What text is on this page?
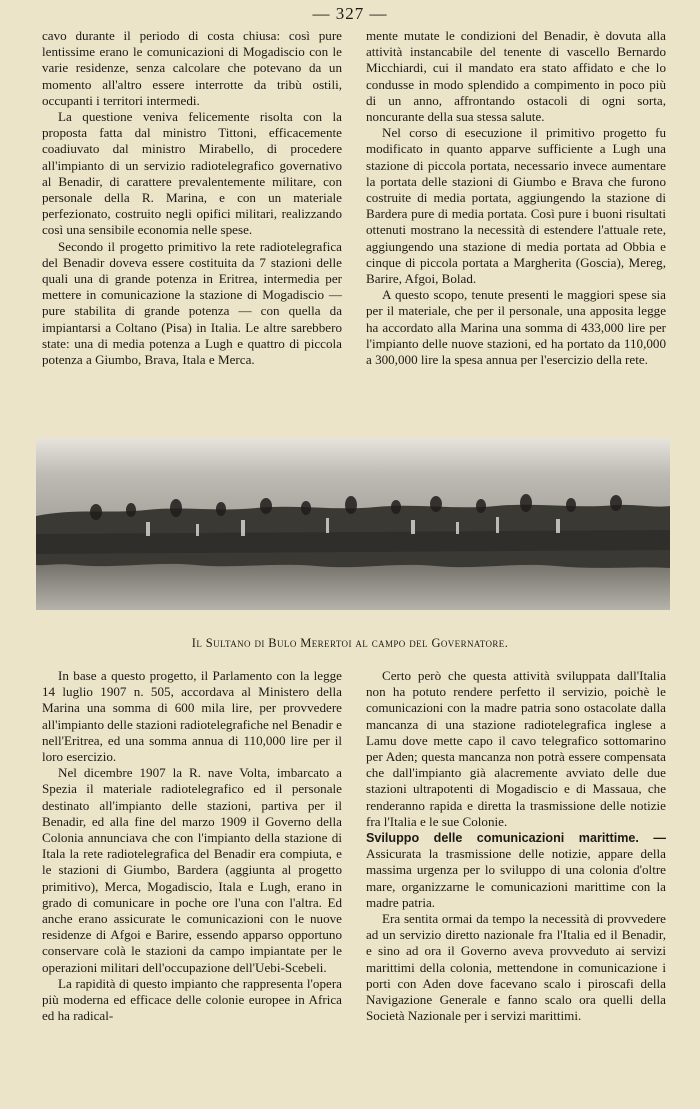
— 327 —

cavo durante il periodo di costa chiusa: così pure lentissime erano le comunicazioni di Mogadiscio con le varie residenze, senza calcolare che potevano da un momento all'altro essere interrotte da tribù ostili, occupanti i territori intermedi.

La questione veniva felicemente risolta con la proposta fatta dal ministro Tittoni, efficacemente coadiuvato dal ministro Mirabello, di procedere all'impianto di un servizio radiotelegrafico governativo al Benadir, di carattere prevalentemente militare, con personale della R. Marina, e con un materiale perfezionato, costruito negli opifici militari, realizzando così una sensibile economia nelle spese.

Secondo il progetto primitivo la rete radiotelegrafica del Benadir doveva essere costituita da 7 stazioni delle quali una di grande potenza in Eritrea, intermedia per mettere in comunicazione la stazione di Mogadiscio — pure stabilita di grande potenza — con quella da impiantarsi a Coltano (Pisa) in Italia. Le altre sarebbero state: una di media potenza a Lugh e quattro di piccola potenza a Giumbo, Brava, Itala e Merca.

mente mutate le condizioni del Benadir, è dovuta alla attività instancabile del tenente di vascello Bernardo Micchiardi, cui il mandato era stato affidato e che lo condusse in modo splendido a compimento in poco più di un anno, affrontando ostacoli di ogni sorta, noncurante della sua stessa salute.

Nel corso di esecuzione il primitivo progetto fu modificato in quanto apparve sufficiente a Lugh una stazione di piccola portata, necessario invece aumentare la portata delle stazioni di Giumbo e Brava che furono costruite di media portata, aggiungendo la stazione di Bardera pure di media portata. Così pure i buoni risultati ottenuti mostrano la necessità di estendere l'attuale rete, aggiungendo una stazione di media portata ad Obbia e cinque di piccola portata a Margherita (Goscia), Mereg, Barire, Afgoi, Bolad.

A questo scopo, tenute presenti le maggiori spese sia per il materiale, che per il personale, una apposita legge ha accordato alla Marina una somma di 433,000 lire per l'impianto delle nuove stazioni, ed ha portato da 110,000 a 300,000 lire la spesa annua per l'esercizio della rete.

Il Sultano di Bulo Merertoi al campo del Governatore.

In base a questo progetto, il Parlamento con la legge 14 luglio 1907 n. 505, accordava al Ministero della Marina una somma di 600 mila lire, per provvedere all'impianto delle stazioni radiotelegrafiche nel Benadir e nell'Eritrea, ed una somma annua di 110,000 lire per il loro esercizio.

Nel dicembre 1907 la R. nave Volta, imbarcato a Spezia il materiale radiotelegrafico ed il personale destinato all'impianto delle stazioni, partiva per il Benadir, ed alla fine del marzo 1909 il Governo della Colonia annunciava che con l'impianto della stazione di Itala la rete radiotelegrafica del Benadir era compiuta, e le stazioni di Giumbo, Bardera (aggiunta al progetto primitivo), Merca, Mogadiscio, Itala e Lugh, erano in grado di comunicare in poche ore l'una con l'altra. Ed anche erano assicurate le comunicazioni con le nuove residenze di Afgoi e Barire, essendo apparso opportuno conservare colà le stazioni da campo impiantate per le operazioni militari dell'occupazione dell'Uebi-Scebeli.

La rapidità di questo impianto che rappresenta l'opera più moderna ed efficace delle colonie europee in Africa ed ha radical-

Certo però che questa attività sviluppata dall'Italia non ha potuto rendere perfetto il servizio, poichè le comunicazioni con la madre patria sono ostacolate dalla mancanza di una stazione radiotelegrafica inglese a Lamu dove mette capo il cavo telegrafico sottomarino per Aden; questa mancanza non potrà essere compensata che dall'impianto già alacremente avviato delle due stazioni ultrapotenti di Mogadiscio e di Massaua, che renderanno rapida e diretta la trasmissione delle notizie fra l'Italia e le sue Colonie.

Sviluppo delle comunicazioni marittime. — Assicurata la trasmissione delle notizie, appare della massima urgenza per lo sviluppo di una colonia d'oltre mare, organizzarne le comunicazioni marittime con la madre patria.

Era sentita ormai da tempo la necessità di provvedere ad un servizio diretto nazionale fra l'Italia ed il Benadir, e sino ad ora il Governo aveva provveduto ai servizi marittimi della colonia, mettendone in comunicazione i porti con Aden dove facevano scalo i piroscafi della Navigazione Generale e fanno scalo ora quelli della Società Nazionale per i servizi marittimi.
